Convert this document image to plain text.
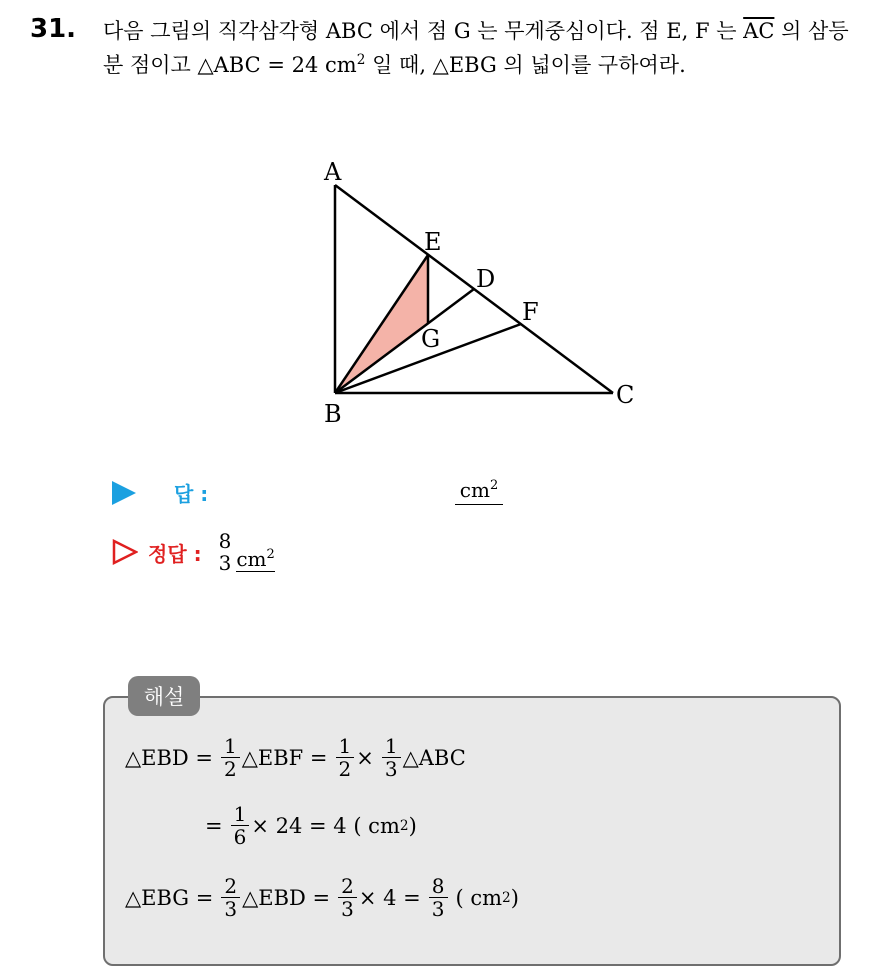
31. 다음 그림의 직각삼각형 ABC 에서 점 G 는 무게중심이다. 점 E, F 는 $\overline{AC}$ 의 삼등분 점이고 △ABC = 24 $cm^2$ 일 때, △EBG 의 넓이를 구하여라.
A
B
C
D
E
F
G
답 :	$cm^2$
정답 :
8
3 $cm^2$
해설
△EBD = $\frac{1}{2}$ △EBF = $\frac{1}{2} \times \frac{1}{3}$ △ABC
= $\frac{1}{6} \times 24 = 4$ ( cm 2 )
△EBG = $\frac{2}{3}$ △EBD = $\frac{2}{3} \times 4 = \frac{8}{3}$ ( cm 2 )
